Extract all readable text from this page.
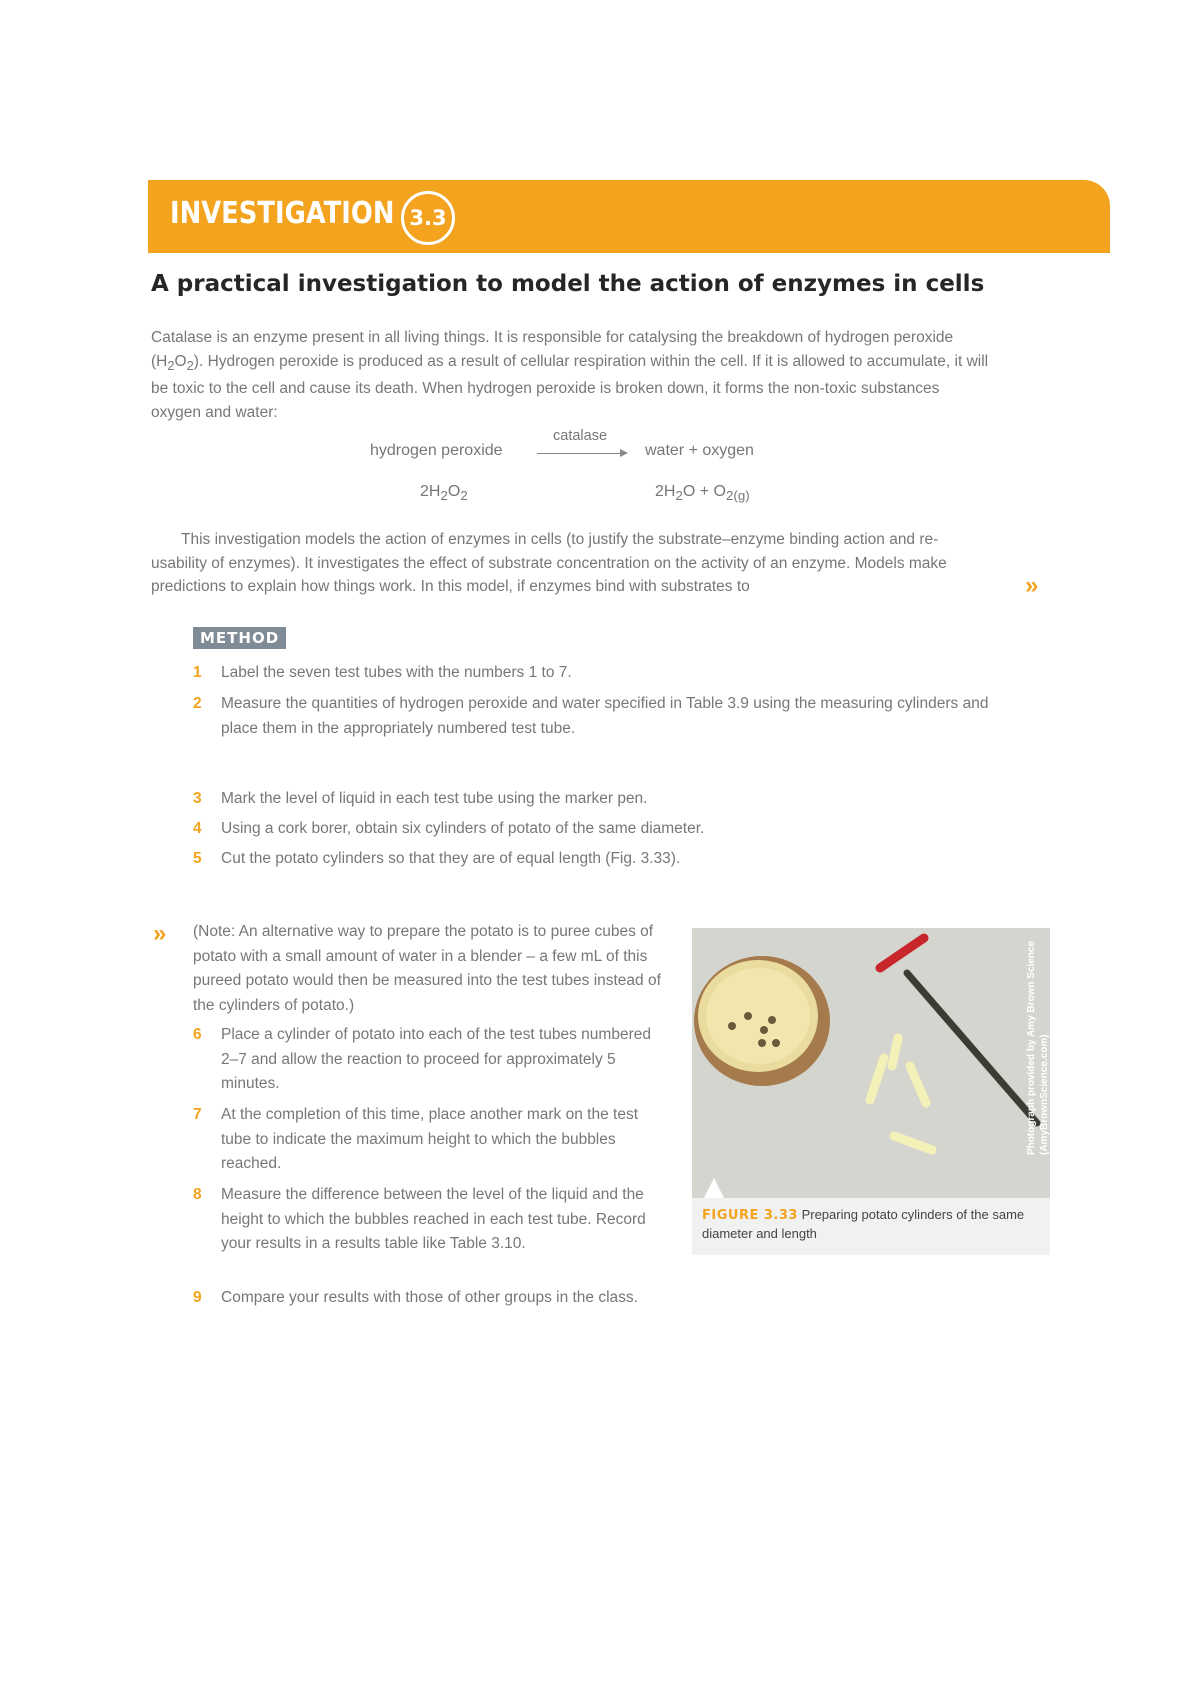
INVESTIGATION 3.3
A practical investigation to model the action of enzymes in cells

Catalase is an enzyme present in all living things. It is responsible for catalysing the breakdown of hydrogen peroxide $(H_2O_2)$. Hydrogen peroxide is produced as a result of cellular respiration within the cell. If it is allowed to accumulate, it will be toxic to the cell and cause its death. When hydrogen peroxide is broken down, it forms the non-toxic substances oxygen and water:

hydrogen peroxide
catalase
water + oxygen
$2H_2O_2$	$2H_2O + O_{2(g)}$

This investigation models the action of enzymes in cells (to justify the substrate–enzyme binding action and re-usability of enzymes). It investigates the effect of substrate concentration on the activity of an enzyme. Models make predictions to explain how things work. In this model, if enzymes bind with substrates to	»
METHOD
1 Label the seven test tubes with the numbers 1 to 7.
2 Measure the quantities of hydrogen peroxide and water specified in Table 3.9 using the measuring cylinders and place them in the appropriately numbered test tube.
3 Mark the level of liquid in each test tube using the marker pen.
4 Using a cork borer, obtain six cylinders of potato of the same diameter.
5 Cut the potato cylinders so that they are of equal length (Fig. 3.33).
» (Note: An alternative way to prepare the potato is to puree cubes of potato with a small amount of water in a blender – a few mL of this pureed potato would then be measured into the test tubes instead of the cylinders of potato.)
6 Place a cylinder of potato into each of the test tubes numbered 2–7 and allow the reaction to proceed for approximately 5 minutes.
7 At the completion of this time, place another mark on the test tube to indicate the maximum height to which the bubbles reached.
8 Measure the difference between the level of the liquid and the height to which the bubbles reached in each test tube. Record your results in a results table like Table 3.10.
9 Compare your results with those of other groups in the class.
FIGURE 3.33 Preparing potato cylinders of the same diameter and length
Photograph provided by Amy Brown Science (AmyBrownScience.com)
